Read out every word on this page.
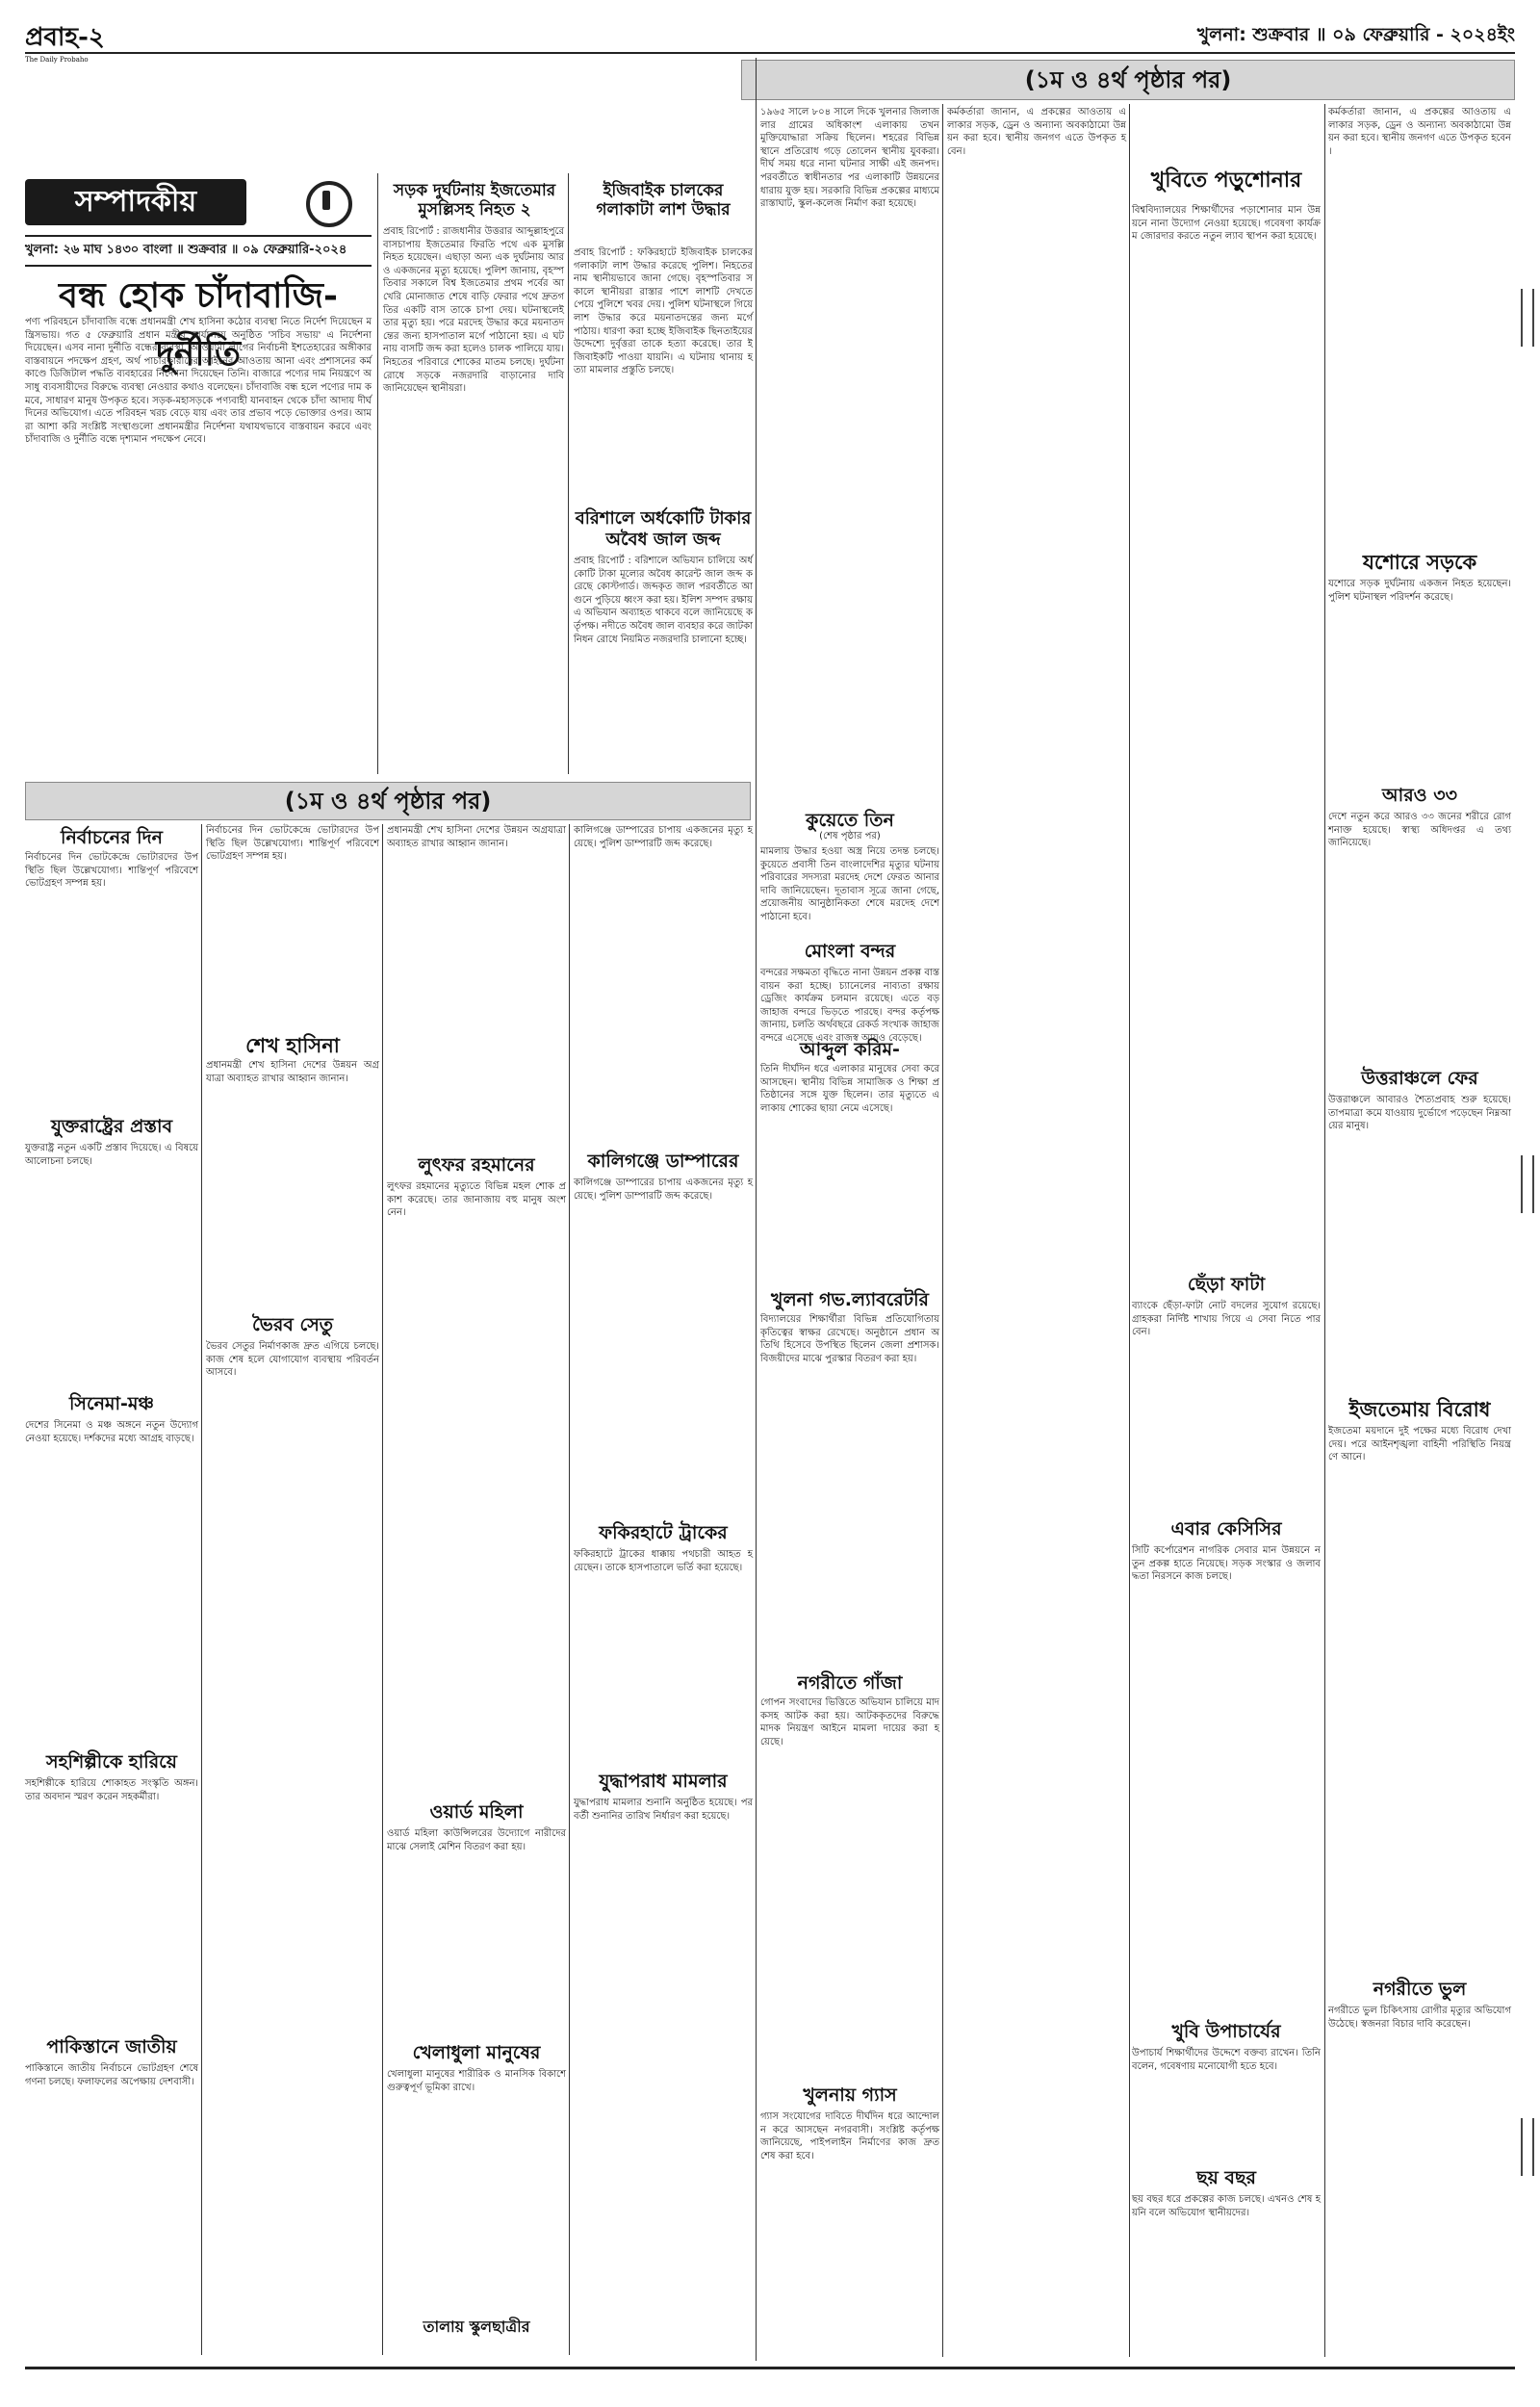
প্রবাহ-২
The Daily Probaho
খুলনা: শুক্রবার ॥ ০৯ ফেব্রুয়ারি - ২০২৪ইং
(১ম ও ৪র্থ পৃষ্ঠার পর)
সম্পাদকীয়
খুলনা: ২৬ মাঘ ১৪৩০ বাংলা ॥ শুক্রবার ॥ ০৯ ফেব্রুয়ারি-২০২৪
বন্ধ হোক চাঁদাবাজি-দুর্নীতি
পণ্য পরিবহনে চাঁদাবাজি বন্ধে প্রধানমন্ত্রী শেখ হাসিনা কঠোর ব্যবস্থা নিতে নির্দেশ দিয়েছেন মন্ত্রিসভায়। গত ৫ ফেব্রুয়ারি প্রধান মন্ত্রীর কার্যালয়ে অনুষ্ঠিত 'সচিব সভায়' এ নির্দেশনা দিয়েছেন। এসব নানা দুর্নীতি বন্ধের ব্যবস্থা, আওয়ামী লীগের নির্বাচনী ইশতেহারের অঙ্গীকার বাস্তবায়নে পদক্ষেপ গ্রহণ, অর্থ পাচারকারীদের আইনের আওতায় আনা এবং প্রশাসনের কর্মকাণ্ডে ডিজিটাল পদ্ধতি ব্যবহারের নির্দেশনা দিয়েছেন তিনি। বাজারে পণ্যের দাম নিয়ন্ত্রণে অসাধু ব্যবসায়ীদের বিরুদ্ধে ব্যবস্থা নেওয়ার কথাও বলেছেন। চাঁদাবাজি বন্ধ হলে পণ্যের দাম কমবে, সাধারণ মানুষ উপকৃত হবে। সড়ক-মহাসড়কে পণ্যবাহী যানবাহন থেকে চাঁদা আদায় দীর্ঘদিনের অভিযোগ। এতে পরিবহন খরচ বেড়ে যায় এবং তার প্রভাব পড়ে ভোক্তার ওপর। আমরা আশা করি সংশ্লিষ্ট সংস্থাগুলো প্রধানমন্ত্রীর নির্দেশনা যথাযথভাবে বাস্তবায়ন করবে এবং চাঁদাবাজি ও দুর্নীতি বন্ধে দৃশ্যমান পদক্ষেপ নেবে।
সড়ক দুর্ঘটনায় ইজতেমার মুসল্লিসহ নিহত ২
প্রবাহ রিপোর্ট : রাজধানীর উত্তরার আব্দুল্লাহপুরে বাসচাপায় ইজতেমার ফিরতি পথে এক মুসল্লি নিহত হয়েছেন। এছাড়া অন্য এক দুর্ঘটনায় আরও একজনের মৃত্যু হয়েছে। পুলিশ জানায়, বৃহস্পতিবার সকালে বিশ্ব ইজতেমার প্রথম পর্বের আখেরি মোনাজাত শেষে বাড়ি ফেরার পথে দ্রুতগতির একটি বাস তাকে চাপা দেয়। ঘটনাস্থলেই তার মৃত্যু হয়। পরে মরদেহ উদ্ধার করে ময়নাতদন্তের জন্য হাসপাতাল মর্গে পাঠানো হয়। এ ঘটনায় বাসটি জব্দ করা হলেও চালক পালিয়ে যায়। নিহতের পরিবারে শোকের মাতম চলছে। দুর্ঘটনা রোধে সড়কে নজরদারি বাড়ানোর দাবি জানিয়েছেন স্থানীয়রা।
ইজিবাইক চালকের গলাকাটা লাশ উদ্ধার
প্রবাহ রিপোর্ট : ফকিরহাটে ইজিবাইক চালকের গলাকাটা লাশ উদ্ধার করেছে পুলিশ। নিহতের নাম স্থানীয়ভাবে জানা গেছে। বৃহস্পতিবার সকালে স্থানীয়রা রাস্তার পাশে লাশটি দেখতে পেয়ে পুলিশে খবর দেয়। পুলিশ ঘটনাস্থলে গিয়ে লাশ উদ্ধার করে ময়নাতদন্তের জন্য মর্গে পাঠায়। ধারণা করা হচ্ছে ইজিবাইক ছিনতাইয়ের উদ্দেশ্যে দুর্বৃত্তরা তাকে হত্যা করেছে। তার ইজিবাইকটি পাওয়া যায়নি। এ ঘটনায় থানায় হত্যা মামলার প্রস্তুতি চলছে।
বরিশালে অর্ধকোটি টাকার অবৈধ জাল জব্দ
প্রবাহ রিপোর্ট : বরিশালে অভিযান চালিয়ে অর্ধকোটি টাকা মূল্যের অবৈধ কারেন্ট জাল জব্দ করেছে কোস্টগার্ড। জব্দকৃত জাল পরবর্তীতে আগুনে পুড়িয়ে ধ্বংস করা হয়। ইলিশ সম্পদ রক্ষায় এ অভিযান অব্যাহত থাকবে বলে জানিয়েছে কর্তৃপক্ষ। নদীতে অবৈধ জাল ব্যবহার করে জাটকা নিধন রোধে নিয়মিত নজরদারি চালানো হচ্ছে।
১৯৬৫ সালে ৮০৪ সালে দিকে খুলনার জিলাজলার গ্রামের অধিকাংশ এলাকায় তখন মুক্তিযোদ্ধারা সক্রিয় ছিলেন। শহরের বিভিন্ন স্থানে প্রতিরোধ গড়ে তোলেন স্থানীয় যুবকরা। দীর্ঘ সময় ধরে নানা ঘটনার সাক্ষী এই জনপদ। পরবর্তীতে স্বাধীনতার পর এলাকাটি উন্নয়নের ধারায় যুক্ত হয়। সরকারি বিভিন্ন প্রকল্পের মাধ্যমে রাস্তাঘাট, স্কুল-কলেজ নির্মাণ করা হয়েছে।
কুয়েতে তিন
(শেষ পৃষ্ঠার পর)
মামলায় উদ্ধার হওয়া অস্ত্র নিয়ে তদন্ত চলছে। কুয়েতে প্রবাসী তিন বাংলাদেশির মৃত্যুর ঘটনায় পরিবারের সদস্যরা মরদেহ দেশে ফেরত আনার দাবি জানিয়েছেন। দূতাবাস সূত্রে জানা গেছে, প্রয়োজনীয় আনুষ্ঠানিকতা শেষে মরদেহ দেশে পাঠানো হবে।
মোংলা বন্দর
বন্দরের সক্ষমতা বৃদ্ধিতে নানা উন্নয়ন প্রকল্প বাস্তবায়ন করা হচ্ছে। চ্যানেলের নাব্যতা রক্ষায় ড্রেজিং কার্যক্রম চলমান রয়েছে। এতে বড় জাহাজ বন্দরে ভিড়তে পারছে। বন্দর কর্তৃপক্ষ জানায়, চলতি অর্থবছরে রেকর্ড সংখ্যক জাহাজ বন্দরে এসেছে এবং রাজস্ব আয়ও বেড়েছে।
আব্দুল করিম-
তিনি দীর্ঘদিন ধরে এলাকার মানুষের সেবা করে আসছেন। স্থানীয় বিভিন্ন সামাজিক ও শিক্ষা প্রতিষ্ঠানের সঙ্গে যুক্ত ছিলেন। তার মৃত্যুতে এলাকায় শোকের ছায়া নেমে এসেছে।
খুলনা গভ.ল্যাবরেটরি
বিদ্যালয়ের শিক্ষার্থীরা বিভিন্ন প্রতিযোগিতায় কৃতিত্বের স্বাক্ষর রেখেছে। অনুষ্ঠানে প্রধান অতিথি হিসেবে উপস্থিত ছিলেন জেলা প্রশাসক। বিজয়ীদের মাঝে পুরস্কার বিতরণ করা হয়।
নগরীতে গাঁজা
গোপন সংবাদের ভিত্তিতে অভিযান চালিয়ে মাদকসহ আটক করা হয়। আটককৃতদের বিরুদ্ধে মাদক নিয়ন্ত্রণ আইনে মামলা দায়ের করা হয়েছে।
খুলনায় গ্যাস
গ্যাস সংযোগের দাবিতে দীর্ঘদিন ধরে আন্দোলন করে আসছেন নগরবাসী। সংশ্লিষ্ট কর্তৃপক্ষ জানিয়েছে, পাইপলাইন নির্মাণের কাজ দ্রুত শেষ করা হবে।
কর্মকর্তারা জানান, এ প্রকল্পের আওতায় এলাকার সড়ক, ড্রেন ও অন্যান্য অবকাঠামো উন্নয়ন করা হবে। স্থানীয় জনগণ এতে উপকৃত হবেন।
খুবিতে পড়ুশোনার
বিশ্ববিদ্যালয়ের শিক্ষার্থীদের পড়াশোনার মান উন্নয়নে নানা উদ্যোগ নেওয়া হয়েছে। গবেষণা কার্যক্রম জোরদার করতে নতুন ল্যাব স্থাপন করা হয়েছে।
ছেঁড়া ফাটা
ব্যাংকে ছেঁড়া-ফাটা নোট বদলের সুযোগ রয়েছে। গ্রাহকরা নির্দিষ্ট শাখায় গিয়ে এ সেবা নিতে পারবেন।
এবার কেসিসির
সিটি কর্পোরেশন নাগরিক সেবার মান উন্নয়নে নতুন প্রকল্প হাতে নিয়েছে। সড়ক সংস্কার ও জলাবদ্ধতা নিরসনে কাজ চলছে।
খুবি উপাচার্যের
উপাচার্য শিক্ষার্থীদের উদ্দেশে বক্তব্য রাখেন। তিনি বলেন, গবেষণায় মনোযোগী হতে হবে।
ছয় বছর
ছয় বছর ধরে প্রকল্পের কাজ চলছে। এখনও শেষ হয়নি বলে অভিযোগ স্থানীয়দের।
কর্মকর্তারা জানান, এ প্রকল্পের আওতায় এলাকার সড়ক, ড্রেন ও অন্যান্য অবকাঠামো উন্নয়ন করা হবে। স্থানীয় জনগণ এতে উপকৃত হবেন।
যশোরে সড়কে
যশোরে সড়ক দুর্ঘটনায় একজন নিহত হয়েছেন। পুলিশ ঘটনাস্থল পরিদর্শন করেছে।
আরও ৩৩
দেশে নতুন করে আরও ৩৩ জনের শরীরে রোগ শনাক্ত হয়েছে। স্বাস্থ্য অধিদপ্তর এ তথ্য জানিয়েছে।
উত্তরাঞ্চলে ফের
উত্তরাঞ্চলে আবারও শৈত্যপ্রবাহ শুরু হয়েছে। তাপমাত্রা কমে যাওয়ায় দুর্ভোগে পড়েছেন নিম্নআয়ের মানুষ।
ইজতেমায় বিরোধ
ইজতেমা ময়দানে দুই পক্ষের মধ্যে বিরোধ দেখা দেয়। পরে আইনশৃঙ্খলা বাহিনী পরিস্থিতি নিয়ন্ত্রণে আনে।
নগরীতে ভুল
নগরীতে ভুল চিকিৎসায় রোগীর মৃত্যুর অভিযোগ উঠেছে। স্বজনরা বিচার দাবি করেছেন।
(১ম ও ৪র্থ পৃষ্ঠার পর)
নির্বাচনের দিন
নির্বাচনের দিন ভোটকেন্দ্রে ভোটারদের উপস্থিতি ছিল উল্লেখযোগ্য। শান্তিপূর্ণ পরিবেশে ভোটগ্রহণ সম্পন্ন হয়।
যুক্তরাষ্ট্রের প্রস্তাব
যুক্তরাষ্ট্র নতুন একটি প্রস্তাব দিয়েছে। এ বিষয়ে আলোচনা চলছে।
সিনেমা-মঞ্চ
দেশের সিনেমা ও মঞ্চ অঙ্গনে নতুন উদ্যোগ নেওয়া হয়েছে। দর্শকদের মধ্যে আগ্রহ বাড়ছে।
সহশিল্পীকে হারিয়ে
সহশিল্পীকে হারিয়ে শোকাহত সংস্কৃতি অঙ্গন। তার অবদান স্মরণ করেন সহকর্মীরা।
পাকিস্তানে জাতীয়
পাকিস্তানে জাতীয় নির্বাচনে ভোটগ্রহণ শেষে গণনা চলছে। ফলাফলের অপেক্ষায় দেশবাসী।
নির্বাচনের দিন ভোটকেন্দ্রে ভোটারদের উপস্থিতি ছিল উল্লেখযোগ্য। শান্তিপূর্ণ পরিবেশে ভোটগ্রহণ সম্পন্ন হয়।
শেখ হাসিনা
প্রধানমন্ত্রী শেখ হাসিনা দেশের উন্নয়ন অগ্রযাত্রা অব্যাহত রাখার আহ্বান জানান।
ভৈরব সেতু
ভৈরব সেতুর নির্মাণকাজ দ্রুত এগিয়ে চলছে। কাজ শেষ হলে যোগাযোগ ব্যবস্থায় পরিবর্তন আসবে।
প্রধানমন্ত্রী শেখ হাসিনা দেশের উন্নয়ন অগ্রযাত্রা অব্যাহত রাখার আহ্বান জানান।
লুৎফর রহমানের
লুৎফর রহমানের মৃত্যুতে বিভিন্ন মহল শোক প্রকাশ করেছে। তার জানাজায় বহু মানুষ অংশ নেন।
ওয়ার্ড মহিলা
ওয়ার্ড মহিলা কাউন্সিলরের উদ্যোগে নারীদের মাঝে সেলাই মেশিন বিতরণ করা হয়।
খেলাধুলা মানুষের
খেলাধুলা মানুষের শারীরিক ও মানসিক বিকাশে গুরুত্বপূর্ণ ভূমিকা রাখে।
তালায় স্কুলছাত্রীর
কালিগঞ্জে ডাম্পারের চাপায় একজনের মৃত্যু হয়েছে। পুলিশ ডাম্পারটি জব্দ করেছে।
কালিগঞ্জে ডাম্পারের
কালিগঞ্জে ডাম্পারের চাপায় একজনের মৃত্যু হয়েছে। পুলিশ ডাম্পারটি জব্দ করেছে।
ফকিরহাটে ট্রাকের
ফকিরহাটে ট্রাকের ধাক্কায় পথচারী আহত হয়েছেন। তাকে হাসপাতালে ভর্তি করা হয়েছে।
যুদ্ধাপরাধ মামলার
যুদ্ধাপরাধ মামলার শুনানি অনুষ্ঠিত হয়েছে। পরবর্তী শুনানির তারিখ নির্ধারণ করা হয়েছে।
